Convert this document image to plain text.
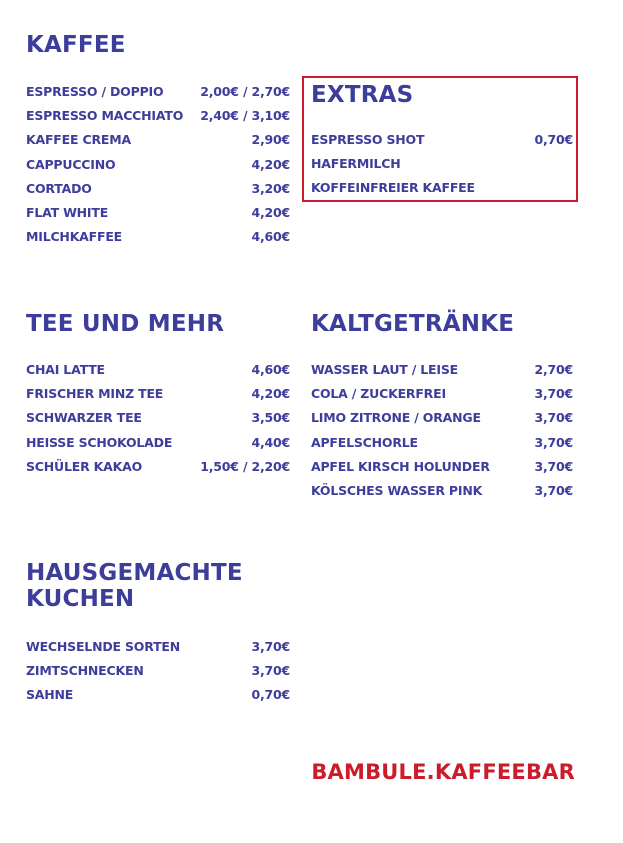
KAFFEE
ESPRESSO / DOPPIO	2,00€ / 2,70€
ESPRESSO MACCHIATO 2,40€ / 3,10€
KAFFEE CREMA	2,90€
CAPPUCCINO	4,20€
CORTADO	3,20€
FLAT WHITE	4,20€
MILCHKAFFEE	4,60€
EXTRAS
ESPRESSO SHOT	0,70€
HAFERMILCH
KOFFEINFREIER KAFFEE
TEE UND MEHR
CHAI LATTE	4,60€
FRISCHER MINZ TEE	4,20€
SCHWARZER TEE	3,50€
HEISSE SCHOKOLADE	4,40€
SCHÜLER KAKAO	1,50€ / 2,20€
KALTGETRÄNKE
WASSER LAUT / LEISE	2,70€
COLA / ZUCKERFREI	3,70€
LIMO ZITRONE / ORANGE	3,70€
APFELSCHORLE	3,70€
APFEL KIRSCH HOLUNDER	3,70€
KÖLSCHES WASSER PINK	3,70€
HAUSGEMACHTE
KUCHEN
WECHSELNDE SORTEN	3,70€
ZIMTSCHNECKEN	3,70€
SAHNE	0,70€

BAMBULE.KAFFEEBAR
